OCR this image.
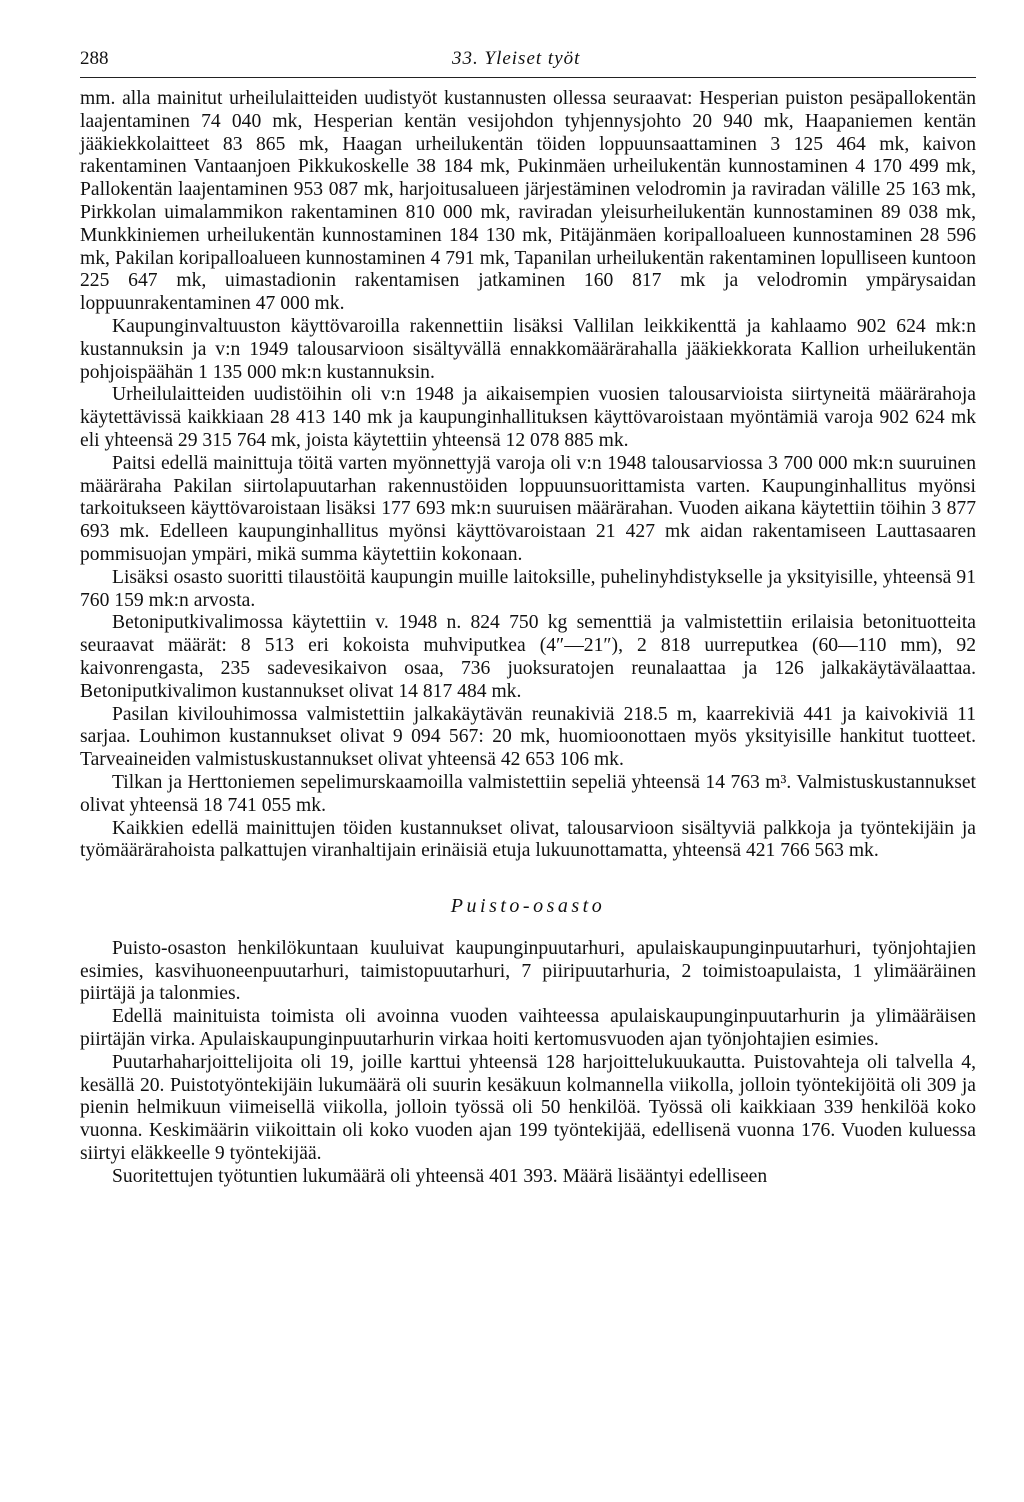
288	33. Yleiset työt

mm. alla mainitut urheilulaitteiden uudistyöt kustannusten ollessa seuraavat: Hesperian puiston pesäpallokentän laajentaminen 74 040 mk, Hesperian kentän vesijohdon tyhjennysjohto 20 940 mk, Haapaniemen kentän jääkiekkolaitteet 83 865 mk, Haagan urheilukentän töiden loppuunsaattaminen 3 125 464 mk, kaivon rakentaminen Vantaanjoen Pikkukoskelle 38 184 mk, Pukinmäen urheilukentän kunnostaminen 4 170 499 mk, Pallokentän laajentaminen 953 087 mk, harjoitusalueen järjestäminen velodromin ja raviradan välille 25 163 mk, Pirkkolan uimalammikon rakentaminen 810 000 mk, raviradan yleisurheilukentän kunnostaminen 89 038 mk, Munkkiniemen urheilukentän kunnostaminen 184 130 mk, Pitäjänmäen koripalloalueen kunnostaminen 28 596 mk, Pakilan koripalloalueen kunnostaminen 4 791 mk, Tapanilan urheilukentän rakentaminen lopulliseen kuntoon 225 647 mk, uimastadionin rakentamisen jatkaminen 160 817 mk ja velodromin ympärysaidan loppuunrakentaminen 47 000 mk.

Kaupunginvaltuuston käyttövaroilla rakennettiin lisäksi Vallilan leikkikenttä ja kahlaamo 902 624 mk:n kustannuksin ja v:n 1949 talousarvioon sisältyvällä ennakkomäärärahalla jääkiekkorata Kallion urheilukentän pohjoispäähän 1 135 000 mk:n kustannuksin.

Urheilulaitteiden uudistöihin oli v:n 1948 ja aikaisempien vuosien talousarvioista siirtyneitä määrärahoja käytettävissä kaikkiaan 28 413 140 mk ja kaupunginhallituksen käyttövaroistaan myöntämiä varoja 902 624 mk eli yhteensä 29 315 764 mk, joista käytettiin yhteensä 12 078 885 mk.

Paitsi edellä mainittuja töitä varten myönnettyjä varoja oli v:n 1948 talousarviossa 3 700 000 mk:n suuruinen määräraha Pakilan siirtolapuutarhan rakennustöiden loppuunsuorittamista varten. Kaupunginhallitus myönsi tarkoitukseen käyttövaroistaan lisäksi 177 693 mk:n suuruisen määrärahan. Vuoden aikana käytettiin töihin 3 877 693 mk. Edelleen kaupunginhallitus myönsi käyttövaroistaan 21 427 mk aidan rakentamiseen Lauttasaaren pommisuojan ympäri, mikä summa käytettiin kokonaan.

Lisäksi osasto suoritti tilaustöitä kaupungin muille laitoksille, puhelinyhdistykselle ja yksityisille, yhteensä 91 760 159 mk:n arvosta.

Betoniputkivalimossa käytettiin v. 1948 n. 824 750 kg sementtiä ja valmistettiin erilaisia betonituotteita seuraavat määrät: 8 513 eri kokoista muhviputkea (4″—21″), 2 818 uurreputkea (60—110 mm), 92 kaivonrengasta, 235 sadevesikaivon osaa, 736 juoksuratojen reunalaattaa ja 126 jalkakäytävälaattaa. Betoniputkivalimon kustannukset olivat 14 817 484 mk.

Pasilan kivilouhimossa valmistettiin jalkakäytävän reunakiviä 218.5 m, kaarrekiviä 441 ja kaivokiviä 11 sarjaa. Louhimon kustannukset olivat 9 094 567: 20 mk, huomioonottaen myös yksityisille hankitut tuotteet. Tarveaineiden valmistuskustannukset olivat yhteensä 42 653 106 mk.

Tilkan ja Herttoniemen sepelimurskaamoilla valmistettiin sepeliä yhteensä 14 763 m³. Valmistuskustannukset olivat yhteensä 18 741 055 mk.

Kaikkien edellä mainittujen töiden kustannukset olivat, talousarvioon sisältyviä palkkoja ja työntekijäin ja työmäärärahoista palkattujen viranhaltijain erinäisiä etuja lukuunottamatta, yhteensä 421 766 563 mk.

Puisto-osasto

Puisto-osaston henkilökuntaan kuuluivat kaupunginpuutarhuri, apulaiskaupunginpuutarhuri, työnjohtajien esimies, kasvihuoneenpuutarhuri, taimistopuutarhuri, 7 piiripuutarhuria, 2 toimistoapulaista, 1 ylimääräinen piirtäjä ja talonmies.

Edellä mainituista toimista oli avoinna vuoden vaihteessa apulaiskaupunginpuutarhurin ja ylimääräisen piirtäjän virka. Apulaiskaupunginpuutarhurin virkaa hoiti kertomusvuoden ajan työnjohtajien esimies.

Puutarhaharjoittelijoita oli 19, joille karttui yhteensä 128 harjoittelukuukautta. Puistovahteja oli talvella 4, kesällä 20. Puistotyöntekijäin lukumäärä oli suurin kesäkuun kolmannella viikolla, jolloin työntekijöitä oli 309 ja pienin helmikuun viimeisellä viikolla, jolloin työssä oli 50 henkilöä. Työssä oli kaikkiaan 339 henkilöä koko vuonna. Keskimäärin viikoittain oli koko vuoden ajan 199 työntekijää, edellisenä vuonna 176. Vuoden kuluessa siirtyi eläkkeelle 9 työntekijää.

Suoritettujen työtuntien lukumäärä oli yhteensä 401 393. Määrä lisääntyi edelliseen
